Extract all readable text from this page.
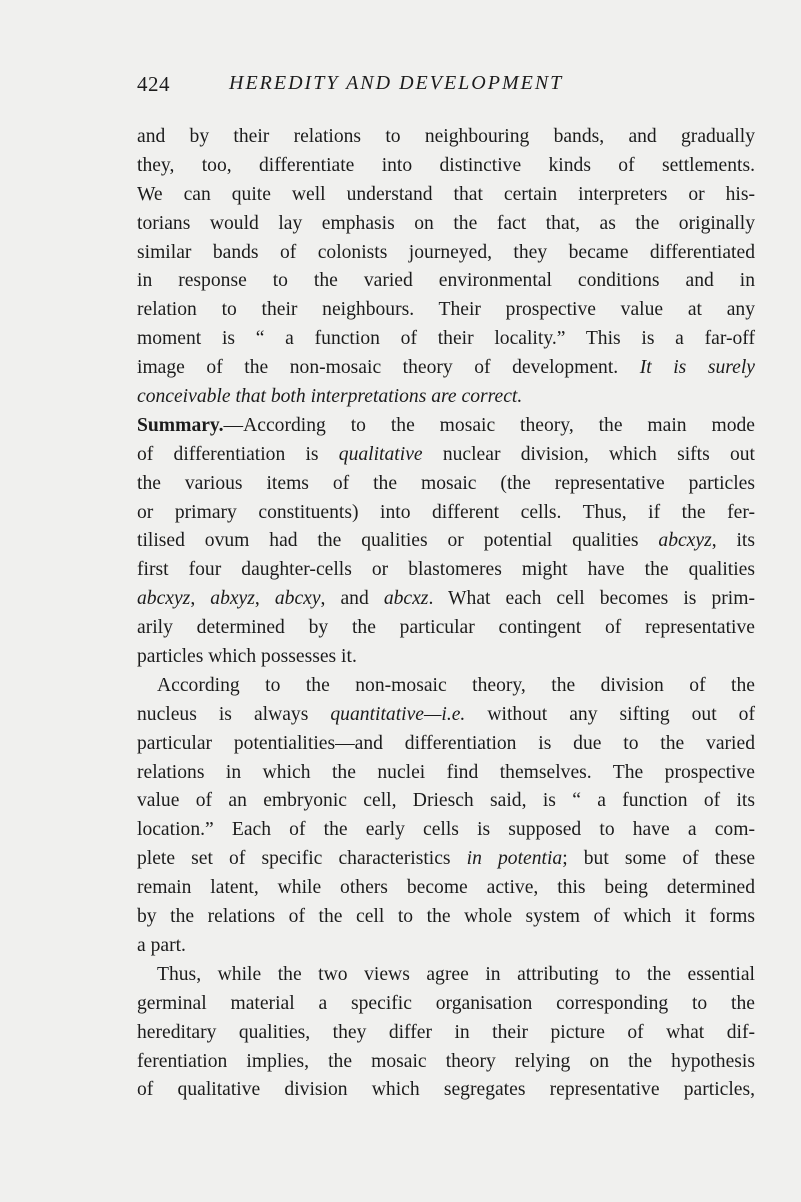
424	HEREDITY AND DEVELOPMENT
and by their relations to neighbouring bands, and gradually
they, too, differentiate into distinctive kinds of settlements.
We can quite well understand that certain interpreters or his-
torians would lay emphasis on the fact that, as the originally
similar bands of colonists journeyed, they became differentiated
in response to the varied environmental conditions and in
relation to their neighbours. Their prospective value at any
moment is “ a function of their locality.” This is a far-off
image of the non-mosaic theory of development. It is surely
conceivable that both interpretations are correct.
Summary.—According to the mosaic theory, the main mode
of differentiation is qualitative nuclear division, which sifts out
the various items of the mosaic (the representative particles
or primary constituents) into different cells. Thus, if the fer-
tilised ovum had the qualities or potential qualities abcxyz, its
first four daughter-cells or blastomeres might have the qualities
abcxyz, abxyz, abcxy, and abcxz. What each cell becomes is prim-
arily determined by the particular contingent of representative
particles which possesses it.
According to the non-mosaic theory, the division of the
nucleus is always quantitative—i.e. without any sifting out of
particular potentialities—and differentiation is due to the varied
relations in which the nuclei find themselves. The prospective
value of an embryonic cell, Driesch said, is “ a function of its
location.” Each of the early cells is supposed to have a com-
plete set of specific characteristics in potentia; but some of these
remain latent, while others become active, this being determined
by the relations of the cell to the whole system of which it forms
a part.
Thus, while the two views agree in attributing to the essential
germinal material a specific organisation corresponding to the
hereditary qualities, they differ in their picture of what dif-
ferentiation implies, the mosaic theory relying on the hypothesis
of qualitative division which segregates representative particles,
